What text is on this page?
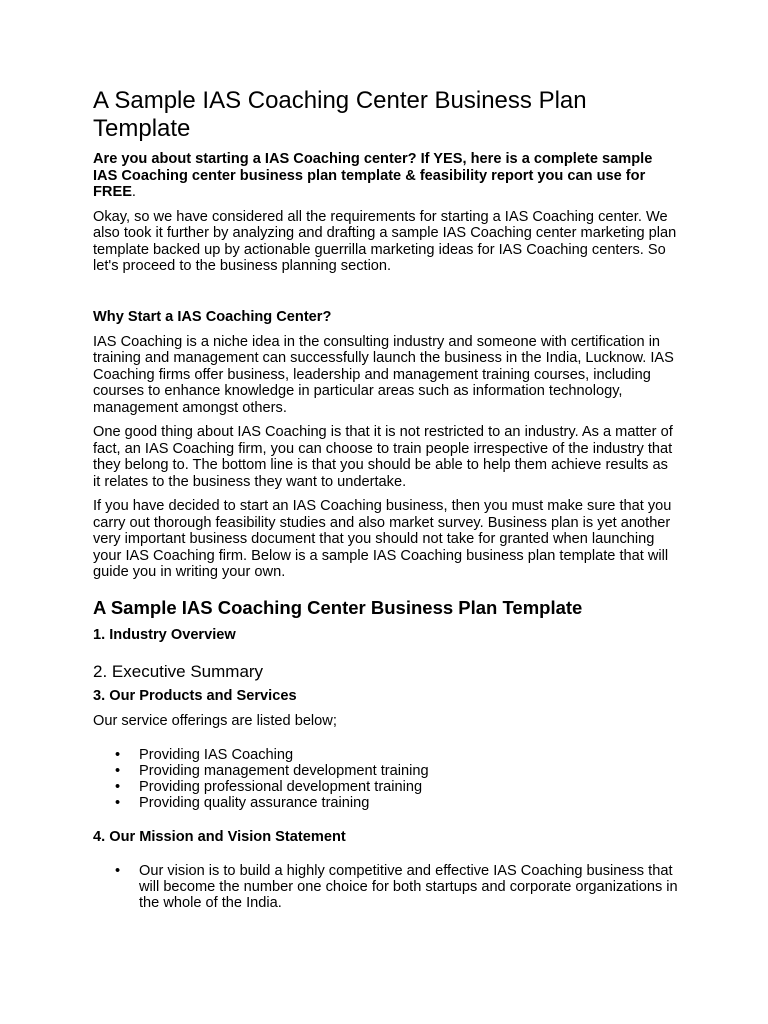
A Sample IAS Coaching Center Business Plan Template

Are you about starting a IAS Coaching center? If YES, here is a complete sample IAS Coaching center business plan template & feasibility report you can use for FREE.

Okay, so we have considered all the requirements for starting a IAS Coaching center. We also took it further by analyzing and drafting a sample IAS Coaching center marketing plan template backed up by actionable guerrilla marketing ideas for IAS Coaching centers. So let's proceed to the business planning section.

Why Start a IAS Coaching Center?

IAS Coaching is a niche idea in the consulting industry and someone with certification in training and management can successfully launch the business in the India, Lucknow. IAS Coaching firms offer business, leadership and management training courses, including courses to enhance knowledge in particular areas such as information technology, management amongst others.

One good thing about IAS Coaching is that it is not restricted to an industry. As a matter of fact, an IAS Coaching firm, you can choose to train people irrespective of the industry that they belong to. The bottom line is that you should be able to help them achieve results as it relates to the business they want to undertake.

If you have decided to start an IAS Coaching business, then you must make sure that you carry out thorough feasibility studies and also market survey. Business plan is yet another very important business document that you should not take for granted when launching your IAS Coaching firm. Below is a sample IAS Coaching business plan template that will guide you in writing your own.

A Sample IAS Coaching Center Business Plan Template
1. Industry Overview
2. Executive Summary
3. Our Products and Services

Our service offerings are listed below;

• Providing IAS Coaching
• Providing management development training
• Providing professional development training
• Providing quality assurance training
4. Our Mission and Vision Statement
• Our vision is to build a highly competitive and effective IAS Coaching business that will become the number one choice for both startups and corporate organizations in the whole of the India.
